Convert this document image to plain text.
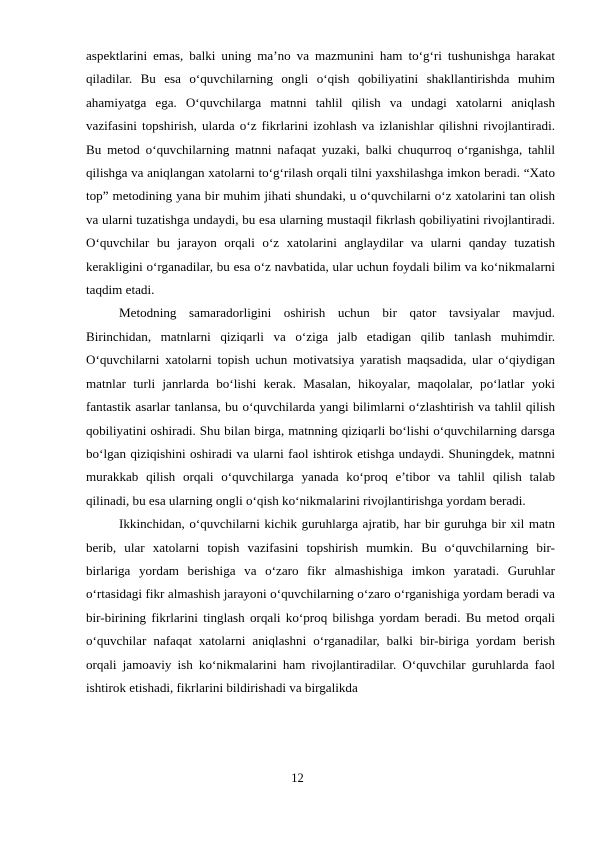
aspektlarini emas, balki uning ma’no va mazmunini ham to‘g‘ri tushunishga harakat qiladilar. Bu esa o‘quvchilarning ongli o‘qish qobiliyatini shakllantirishda muhim ahamiyatga ega. O‘quvchilarga matnni tahlil qilish va undagi xatolarni aniqlash vazifasini topshirish, ularda o‘z fikrlarini izohlash va izlanishlar qilishni rivojlantiradi. Bu metod o‘quvchilarning matnni nafaqat yuzaki, balki chuqurroq o‘rganishga, tahlil qilishga va aniqlangan xatolarni to‘g‘rilash orqali tilni yaxshilashga imkon beradi. “Xato top” metodining yana bir muhim jihati shundaki, u o‘quvchilarni o‘z xatolarini tan olish va ularni tuzatishga undaydi, bu esa ularning mustaqil fikrlash qobiliyatini rivojlantiradi. O‘quvchilar bu jarayon orqali o‘z xatolarini anglaydilar va ularni qanday tuzatish kerakligini o‘rganadilar, bu esa o‘z navbatida, ular uchun foydali bilim va ko‘nikmalarni taqdim etadi.

Metodning samaradorligini oshirish uchun bir qator tavsiyalar mavjud. Birinchidan, matnlarni qiziqarli va o‘ziga jalb etadigan qilib tanlash muhimdir. O‘quvchilarni xatolarni topish uchun motivatsiya yaratish maqsadida, ular o‘qiydigan matnlar turli janrlarda bo‘lishi kerak. Masalan, hikoyalar, maqolalar, po‘latlar yoki fantastik asarlar tanlansa, bu o‘quvchilarda yangi bilimlarni o‘zlashtirish va tahlil qilish qobiliyatini oshiradi. Shu bilan birga, matnning qiziqarli bo‘lishi o‘quvchilarning darsga bo‘lgan qiziqishini oshiradi va ularni faol ishtirok etishga undaydi. Shuningdek, matnni murakkab qilish orqali o‘quvchilarga yanada ko‘proq e’tibor va tahlil qilish talab qilinadi, bu esa ularning ongli o‘qish ko‘nikmalarini rivojlantirishga yordam beradi.

Ikkinchidan, o‘quvchilarni kichik guruhlarga ajratib, har bir guruhga bir xil matn berib, ular xatolarni topish vazifasini topshirish mumkin. Bu o‘quvchilarning bir-birlariga yordam berishiga va o‘zaro fikr almashishiga imkon yaratadi. Guruhlar o‘rtasidagi fikr almashish jarayoni o‘quvchilarning o‘zaro o‘rganishiga yordam beradi va bir-birining fikrlarini tinglash orqali ko‘proq bilishga yordam beradi. Bu metod orqali o‘quvchilar nafaqat xatolarni aniqlashni o‘rganadilar, balki bir-biriga yordam berish orqali jamoaviy ish ko‘nikmalarini ham rivojlantiradilar. O‘quvchilar guruhlarda faol ishtirok etishadi, fikrlarini bildirishadi va birgalikda

12
